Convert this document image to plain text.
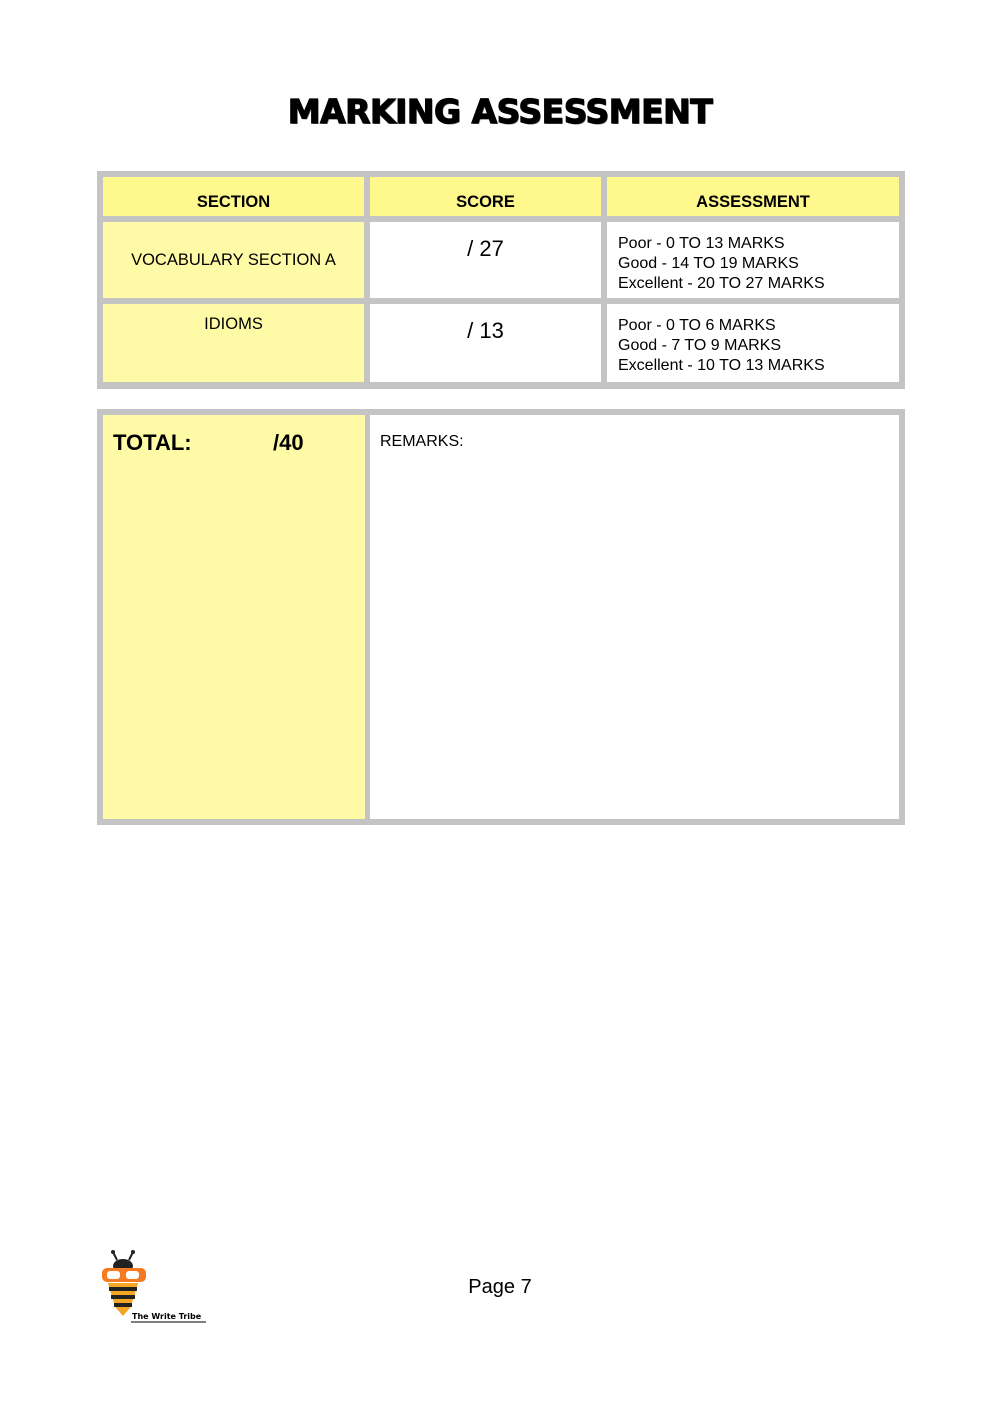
MARKING ASSESSMENT
SECTION	SCORE	ASSESSMENT
VOCABULARY SECTION A	/ 27	Poor - 0 TO 13 MARKS
Good - 14 TO 19 MARKS
Excellent - 20 TO 27 MARKS
IDIOMS	/ 13	Poor - 0 TO 6 MARKS
Good - 7 TO 9 MARKS
Excellent - 10 TO 13 MARKS
TOTAL:	/40	REMARKS:
The Write Tribe
Page 7
